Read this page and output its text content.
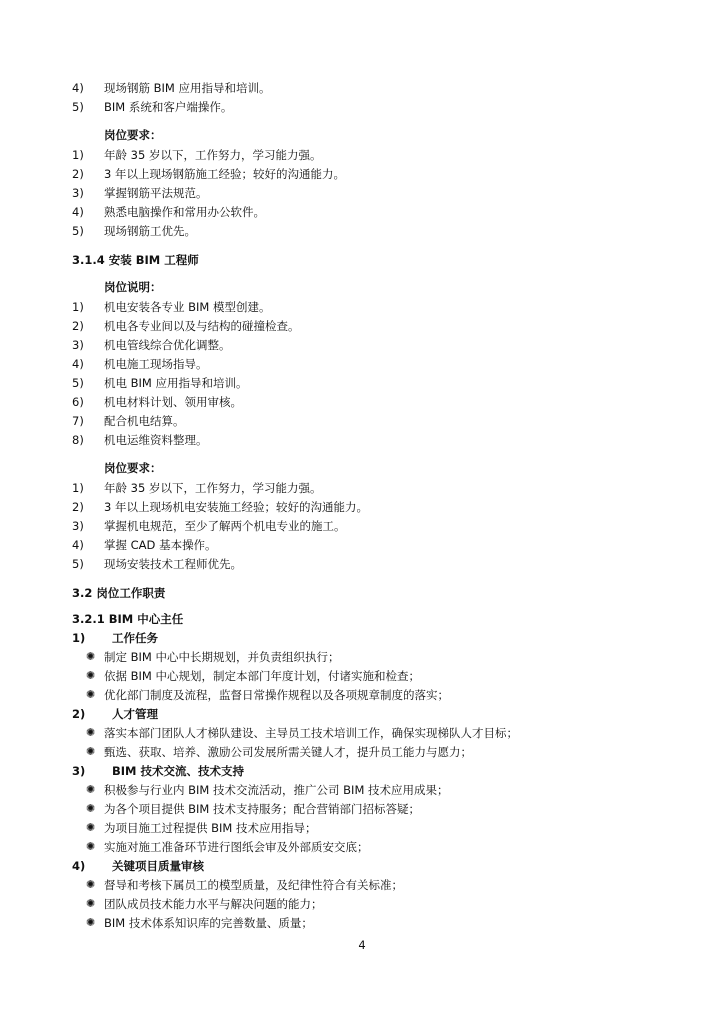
4) 现场钢筋 BIM 应用指导和培训。
5) BIM 系统和客户端操作。
岗位要求：
1) 年龄 35 岁以下，工作努力，学习能力强。
2) 3 年以上现场钢筋施工经验；较好的沟通能力。
3) 掌握钢筋平法规范。
4) 熟悉电脑操作和常用办公软件。
5) 现场钢筋工优先。
3.1.4 安装 BIM 工程师
岗位说明：
1) 机电安装各专业 BIM 模型创建。
2) 机电各专业间以及与结构的碰撞检查。
3) 机电管线综合优化调整。
4) 机电施工现场指导。
5) 机电 BIM 应用指导和培训。
6) 机电材料计划、领用审核。
7) 配合机电结算。
8) 机电运维资料整理。
岗位要求：
1) 年龄 35 岁以下，工作努力，学习能力强。
2) 3 年以上现场机电安装施工经验；较好的沟通能力。
3) 掌握机电规范，至少了解两个机电专业的施工。
4) 掌握 CAD 基本操作。
5) 现场安装技术工程师优先。
3.2 岗位工作职责
3.2.1 BIM 中心主任
1) 工作任务
✺ 制定 BIM 中心中长期规划，并负责组织执行；
✺ 依据 BIM 中心规划，制定本部门年度计划，付诸实施和检查；
✺ 优化部门制度及流程，监督日常操作规程以及各项规章制度的落实；
2) 人才管理
✺ 落实本部门团队人才梯队建设、主导员工技术培训工作，确保实现梯队人才目标；
✺ 甄选、获取、培养、激励公司发展所需关键人才，提升员工能力与愿力；
3) BIM 技术交流、技术支持
✺ 积极参与行业内 BIM 技术交流活动，推广公司 BIM 技术应用成果；
✺ 为各个项目提供 BIM 技术支持服务；配合营销部门招标答疑；
✺ 为项目施工过程提供 BIM 技术应用指导；
✺ 实施对施工准备环节进行图纸会审及外部质安交底；
4) 关键项目质量审核
✺ 督导和考核下属员工的模型质量，及纪律性符合有关标准；
✺ 团队成员技术能力水平与解决问题的能力；
✺ BIM 技术体系知识库的完善数量、质量；
4
